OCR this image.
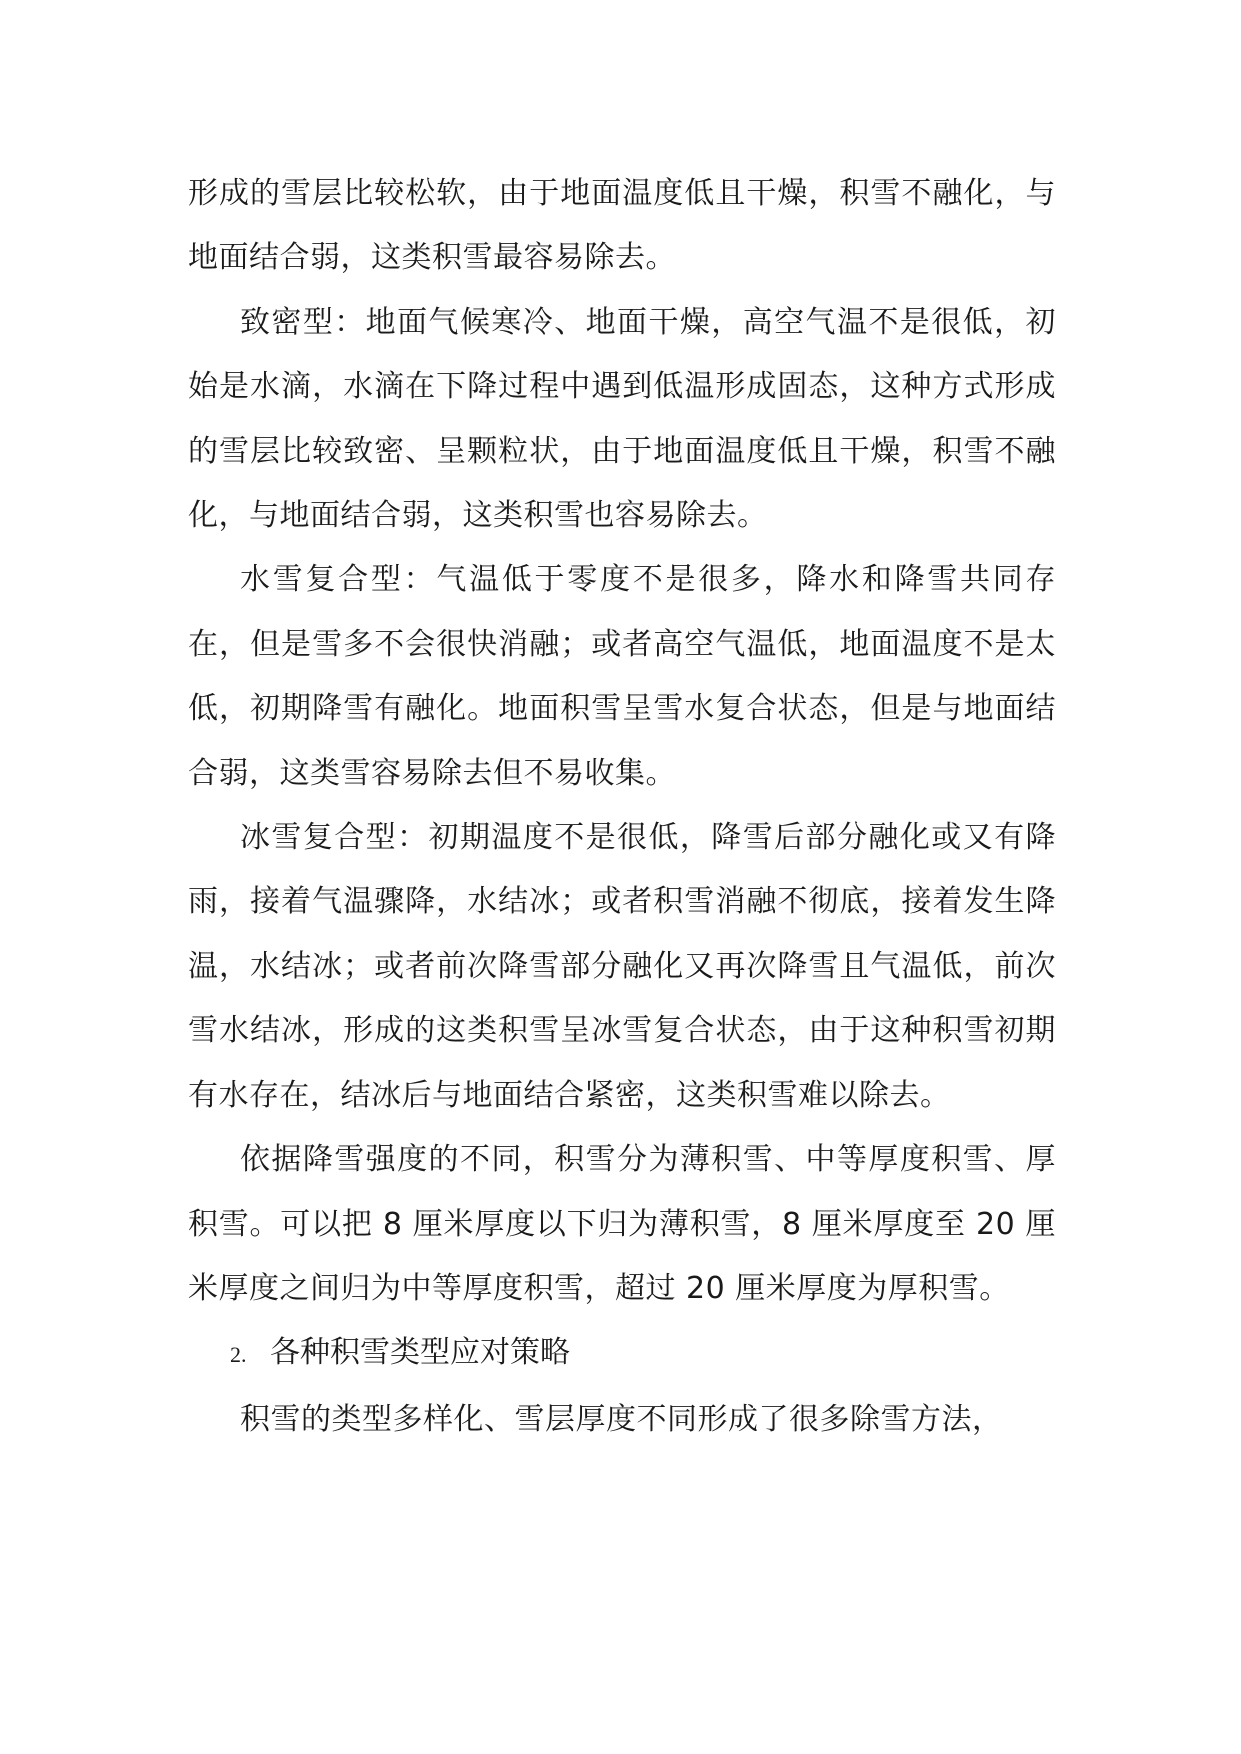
形成的雪层比较松软，由于地面温度低且干燥，积雪不融化，与地面结合弱，这类积雪最容易除去。

致密型：地面气候寒冷、地面干燥，高空气温不是很低，初始是水滴，水滴在下降过程中遇到低温形成固态，这种方式形成的雪层比较致密、呈颗粒状，由于地面温度低且干燥，积雪不融化，与地面结合弱，这类积雪也容易除去。

水雪复合型：气温低于零度不是很多，降水和降雪共同存在，但是雪多不会很快消融；或者高空气温低，地面温度不是太低，初期降雪有融化。地面积雪呈雪水复合状态，但是与地面结合弱，这类雪容易除去但不易收集。

冰雪复合型：初期温度不是很低，降雪后部分融化或又有降雨，接着气温骤降，水结冰；或者积雪消融不彻底，接着发生降温，水结冰；或者前次降雪部分融化又再次降雪且气温低，前次雪水结冰，形成的这类积雪呈冰雪复合状态，由于这种积雪初期有水存在，结冰后与地面结合紧密，这类积雪难以除去。

依据降雪强度的不同，积雪分为薄积雪、中等厚度积雪、厚积雪。可以把 8 厘米厚度以下归为薄积雪，8 厘米厚度至 20 厘米厚度之间归为中等厚度积雪，超过 20 厘米厚度为厚积雪。

2. 各种积雪类型应对策略

积雪的类型多样化、雪层厚度不同形成了很多除雪方法，
